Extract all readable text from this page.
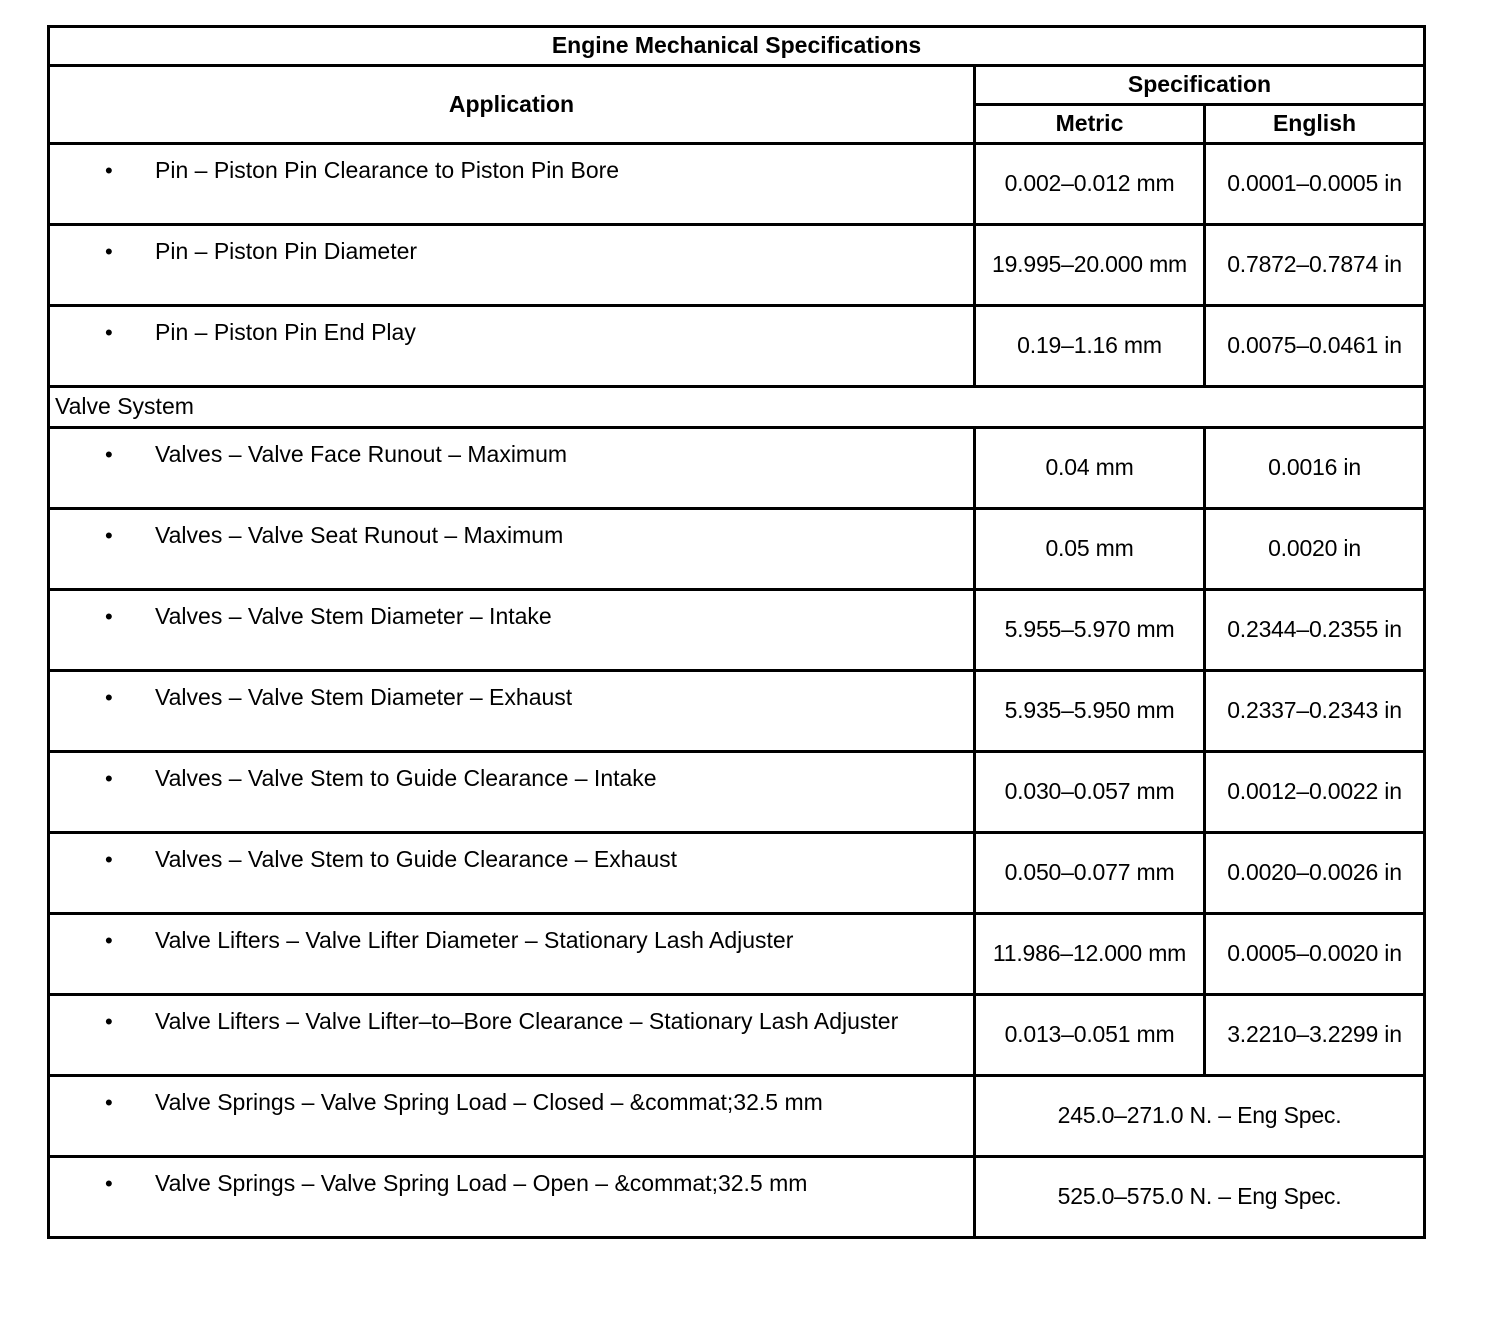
Engine Mechanical Specifications		
Application	Specification	
	Metric	English

• Pin – Piston Pin Clearance to Piston Pin Bore	0.002–0.012 mm	0.0001–0.0005 in

• Pin – Piston Pin Diameter	19.995–20.000 mm	0.7872–0.7874 in

• Pin – Piston Pin End Play	0.19–1.16 mm	0.0075–0.0461 in
Valve System		

• Valves – Valve Face Runout – Maximum	0.04 mm	0.0016 in

• Valves – Valve Seat Runout – Maximum	0.05 mm	0.0020 in

• Valves – Valve Stem Diameter – Intake	5.955–5.970 mm	0.2344–0.2355 in

• Valves – Valve Stem Diameter – Exhaust	5.935–5.950 mm	0.2337–0.2343 in

• Valves – Valve Stem to Guide Clearance – Intake	0.030–0.057 mm	0.0012–0.0022 in

• Valves – Valve Stem to Guide Clearance – Exhaust	0.050–0.077 mm	0.0020–0.0026 in

• Valve Lifters – Valve Lifter Diameter – Stationary Lash Adjuster	11.986–12.000 mm	0.0005–0.0020 in

• Valve Lifters – Valve Lifter–to–Bore Clearance – Stationary Lash Adjuster	0.013–0.051 mm	3.2210–3.2299 in

• Valve Springs – Valve Spring Load – Closed – &commat;32.5 mm	245.0–271.0 N. – Eng Spec.	

• Valve Springs – Valve Spring Load – Open – &commat;32.5 mm	525.0–575.0 N. – Eng Spec.	
